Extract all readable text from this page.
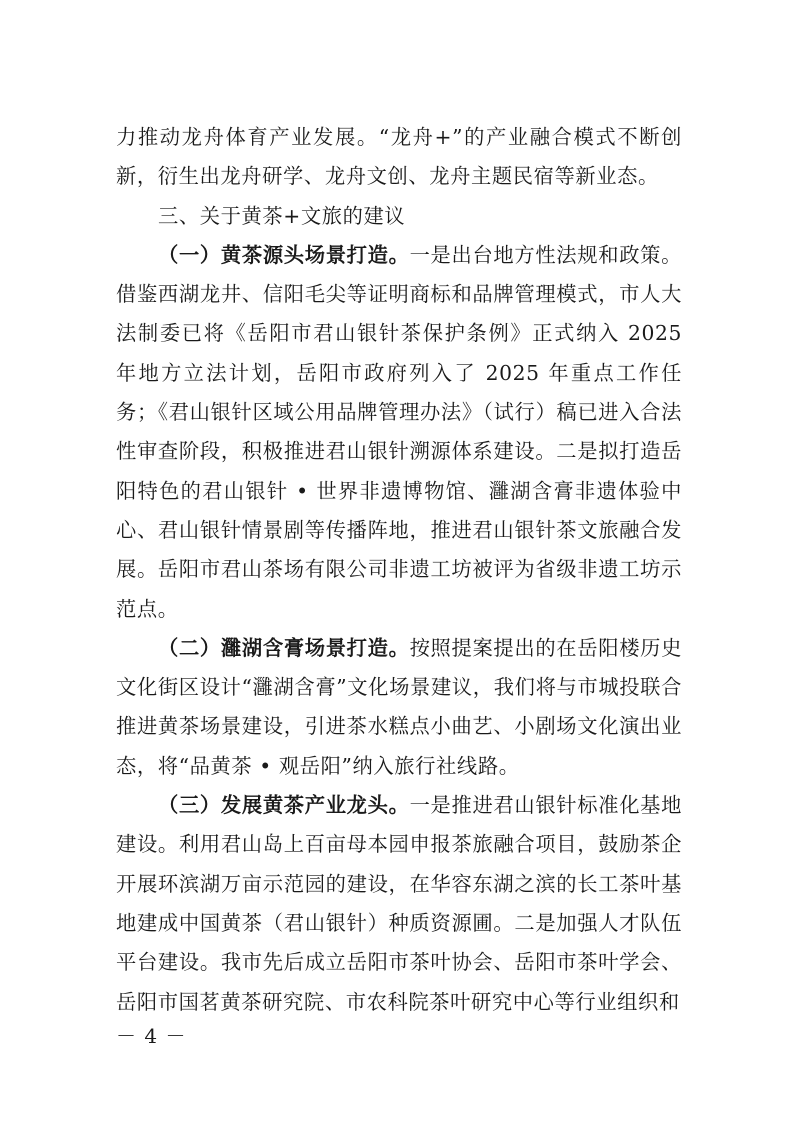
力推动龙舟体育产业发展。“龙舟+”的产业融合模式不断创新，衍生出龙舟研学、龙舟文创、龙舟主题民宿等新业态。

三、关于黄茶+文旅的建议

（一）黄茶源头场景打造。一是出台地方性法规和政策。借鉴西湖龙井、信阳毛尖等证明商标和品牌管理模式，市人大法制委已将《岳阳市君山银针茶保护条例》正式纳入 2025 年地方立法计划，岳阳市政府列入了 2025 年重点工作任务；《君山银针区域公用品牌管理办法》（试行）稿已进入合法性审查阶段，积极推进君山银针溯源体系建设。二是拟打造岳阳特色的君山银针 • 世界非遗博物馆、灉湖含膏非遗体验中心、君山银针情景剧等传播阵地，推进君山银针茶文旅融合发展。岳阳市君山茶场有限公司非遗工坊被评为省级非遗工坊示范点。

（二）灉湖含膏场景打造。按照提案提出的在岳阳楼历史文化街区设计“灉湖含膏”文化场景建议，我们将与市城投联合推进黄茶场景建设，引进茶水糕点小曲艺、小剧场文化演出业态，将“品黄茶 • 观岳阳”纳入旅行社线路。

（三）发展黄茶产业龙头。一是推进君山银针标准化基地建设。利用君山岛上百亩母本园申报茶旅融合项目，鼓励茶企开展环滨湖万亩示范园的建设，在华容东湖之滨的长工茶叶基地建成中国黄茶（君山银针）种质资源圃。二是加强人才队伍平台建设。我市先后成立岳阳市茶叶协会、岳阳市茶叶学会、岳阳市国茗黄茶研究院、市农科院茶叶研究中心等行业组织和

－ 4 －
